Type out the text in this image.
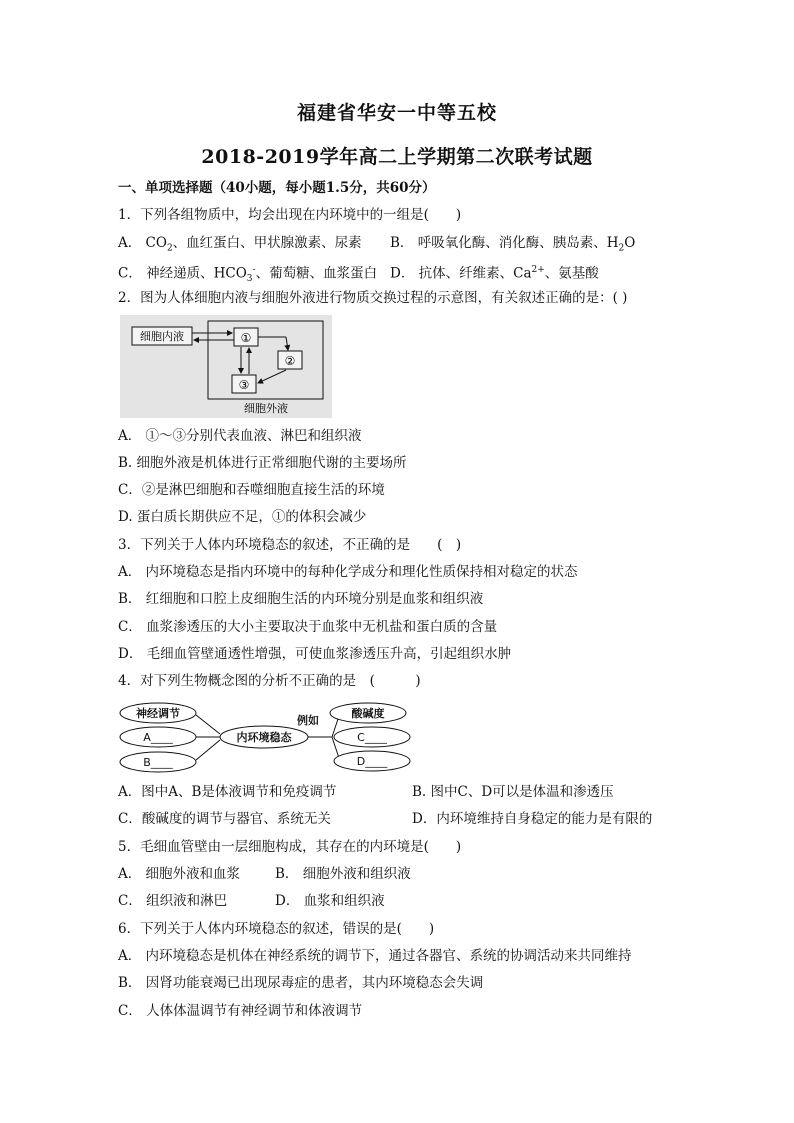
福建省华安一中等五校
2018-2019学年高二上学期第二次联考试题
一、单项选择题（40小题，每小题1.5分，共60分）
1．下列各组物质中，均会出现在内环境中的一组是(　　)
A． $CO_2$、血红蛋白、甲状腺激素、尿素 B． 呼吸氧化酶、消化酶、胰岛素、$H_2O$
C． 神经递质、$HCO_3^-$、葡萄糖、血浆蛋白 D． 抗体、纤维素、$Ca^{2+}$、氨基酸
2．图为人体细胞内液与细胞外液进行物质交换过程的示意图，有关叙述正确的是：( )
细胞内液	①
②
③
细胞外液
A． ①～③分别代表血液、淋巴和组织液
B. 细胞外液是机体进行正常细胞代谢的主要场所
C．②是淋巴细胞和吞噬细胞直接生活的环境
D. 蛋白质长期供应不足，①的体积会减少
3．下列关于人体内环境稳态的叙述，不正确的是　　(　)
A． 内环境稳态是指内环境中的每种化学成分和理化性质保持相对稳定的状态
B． 红细胞和口腔上皮细胞生活的内环境分别是血浆和组织液
C． 血浆渗透压的大小主要取决于血浆中无机盐和蛋白质的含量
D． 毛细血管壁通透性增强，可使血浆渗透压升高，引起组织水肿
4．对下列生物概念图的分析不正确的是　(　　　)
神经调节
A____
B____
内环境稳态
例如
酸碱度
C____
D____
A．图中A、B是体液调节和免疫调节	B. 图中C、D可以是体温和渗透压
C．酸碱度的调节与器官、系统无关	D．内环境维持自身稳定的能力是有限的
5．毛细血管壁由一层细胞构成，其存在的内环境是(　　)
A． 细胞外液和血浆	B． 细胞外液和组织液
C． 组织液和淋巴	D． 血浆和组织液
6．下列关于人体内环境稳态的叙述，错误的是(　　)
A． 内环境稳态是机体在神经系统的调节下，通过各器官、系统的协调活动来共同维持
B． 因肾功能衰竭已出现尿毒症的患者，其内环境稳态会失调
C． 人体体温调节有神经调节和体液调节
